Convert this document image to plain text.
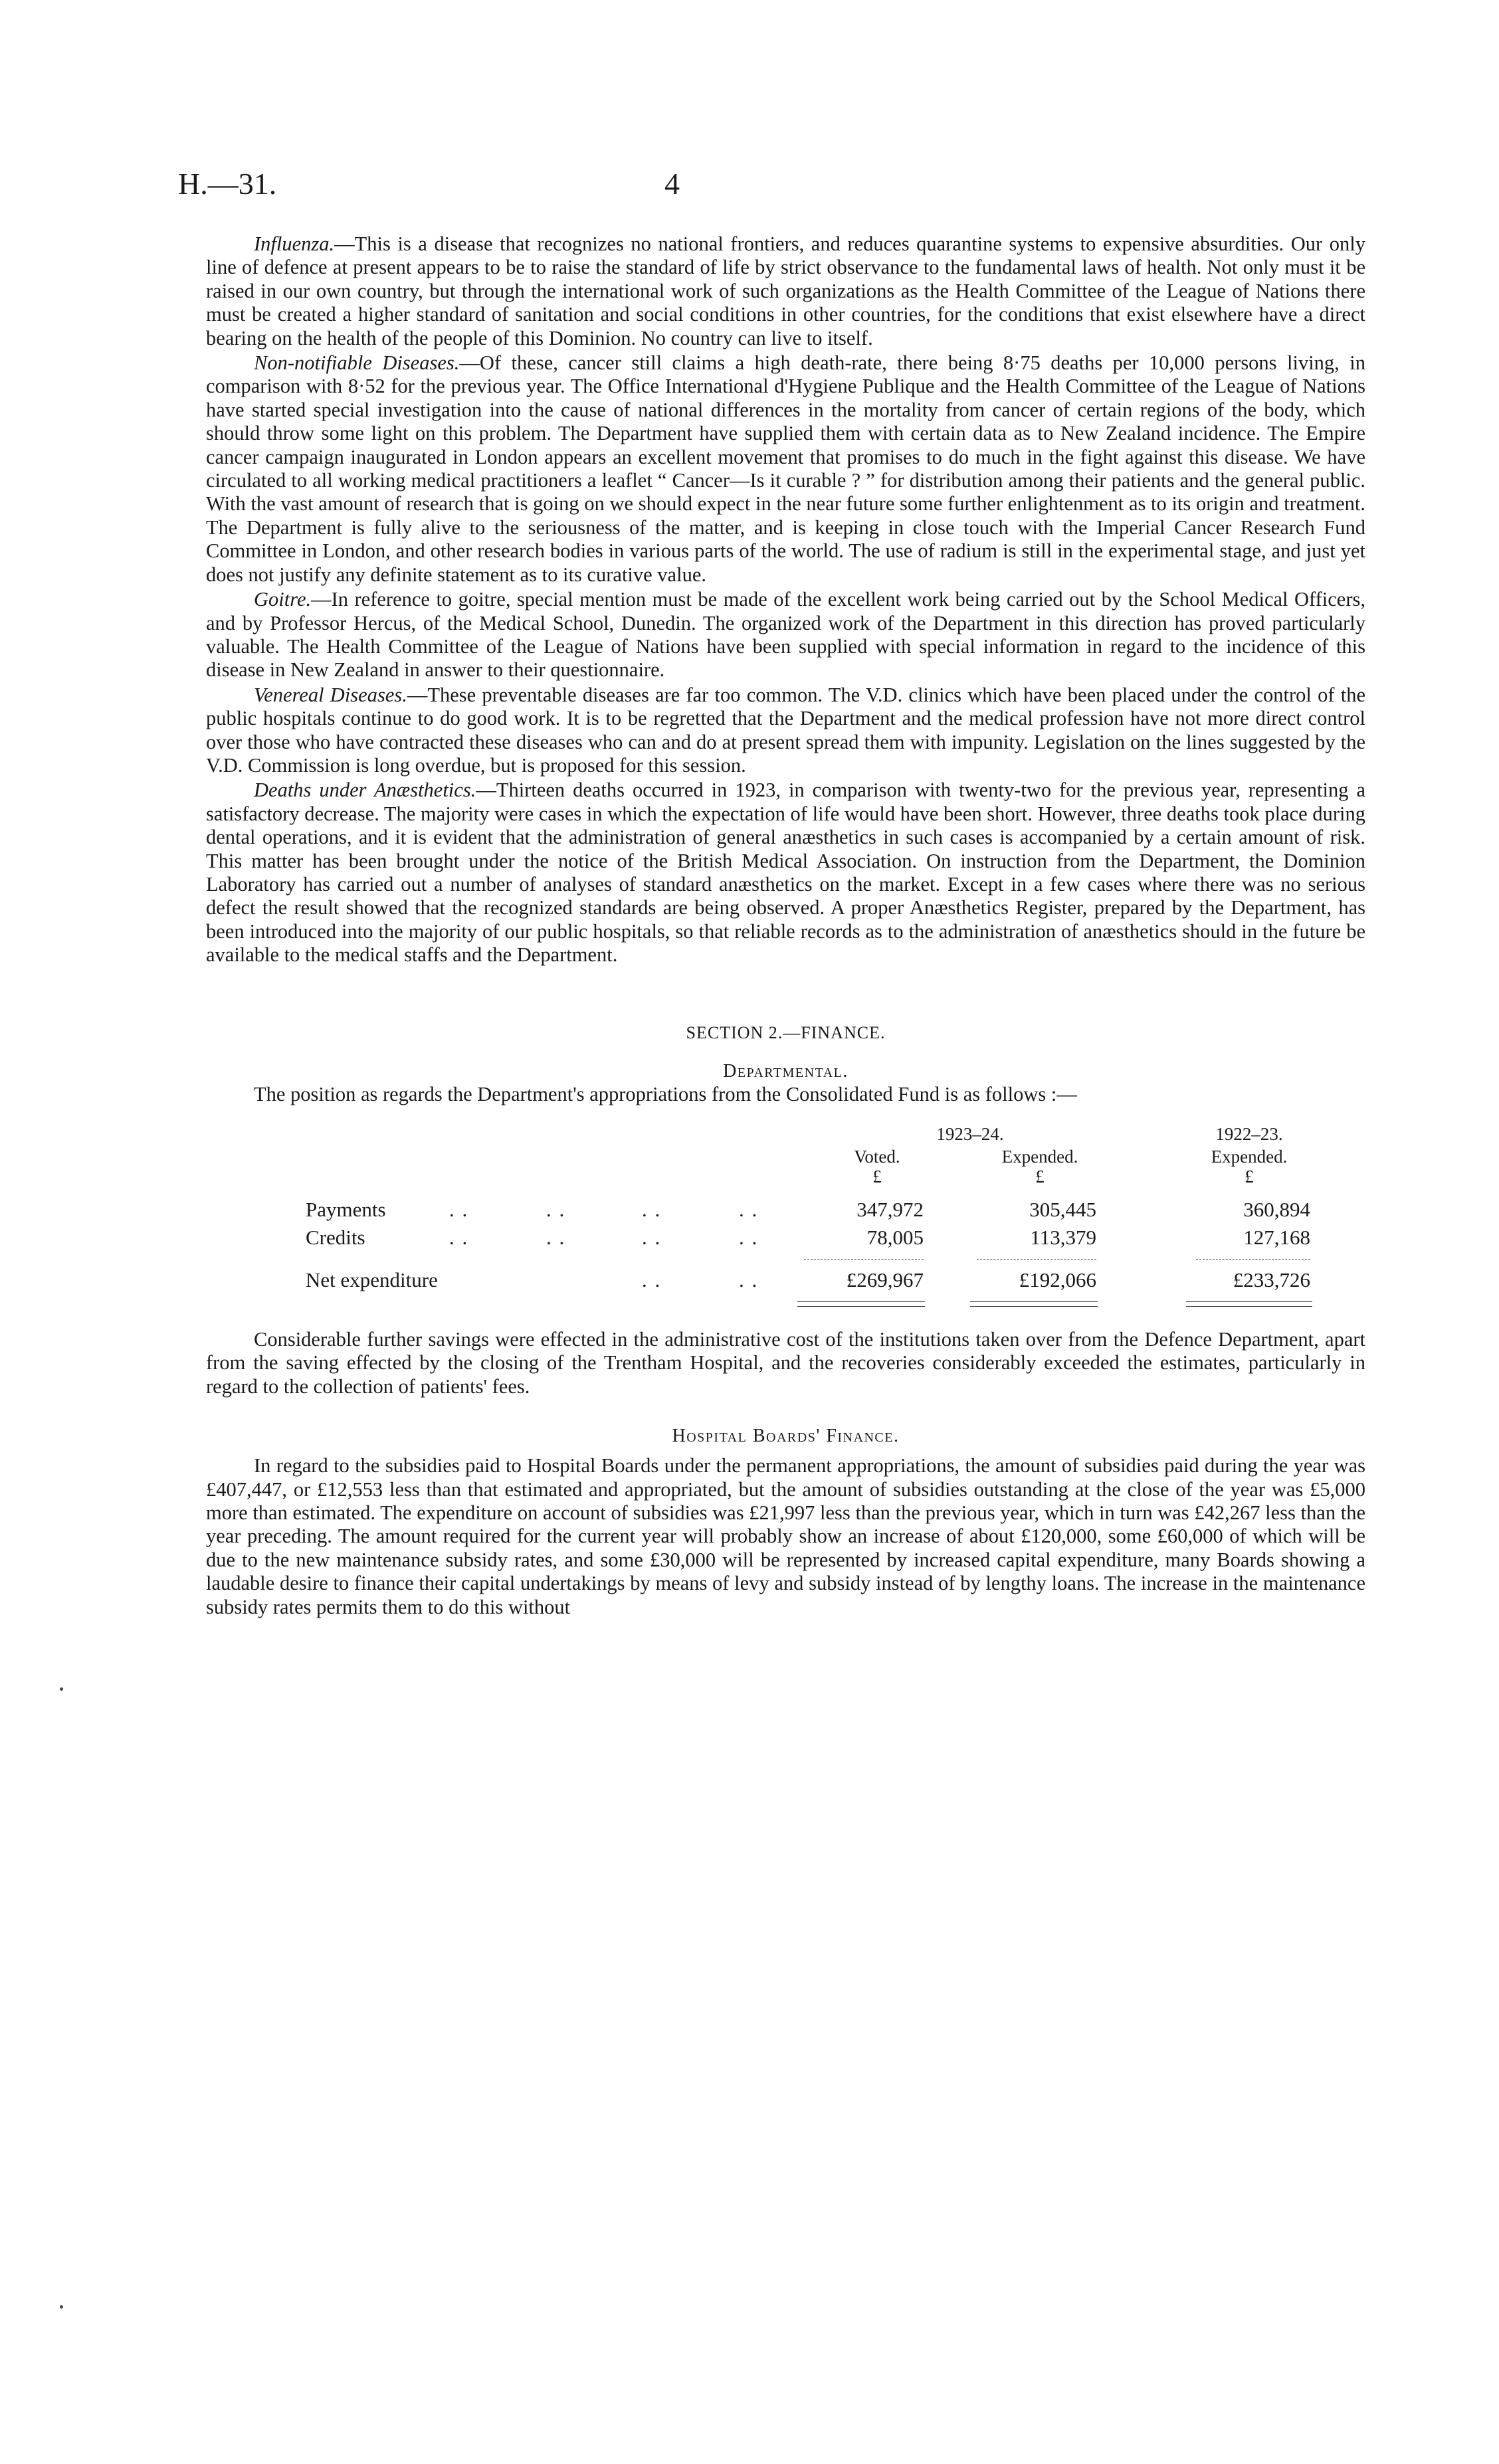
H.—31.	4

Influenza.—This is a disease that recognizes no national frontiers, and reduces quarantine systems to expensive absurdities. Our only line of defence at present appears to be to raise the standard of life by strict observance to the fundamental laws of health. Not only must it be raised in our own country, but through the international work of such organizations as the Health Committee of the League of Nations there must be created a higher standard of sanitation and social conditions in other countries, for the conditions that exist elsewhere have a direct bearing on the health of the people of this Dominion. No country can live to itself.

Non-notifiable Diseases.—Of these, cancer still claims a high death-rate, there being 8·75 deaths per 10,000 persons living, in comparison with 8·52 for the previous year. The Office International d'Hygiene Publique and the Health Committee of the League of Nations have started special investigation into the cause of national differences in the mortality from cancer of certain regions of the body, which should throw some light on this problem. The Department have supplied them with certain data as to New Zealand incidence. The Empire cancer campaign inaugurated in London appears an excellent movement that promises to do much in the fight against this disease. We have circulated to all working medical practitioners a leaflet “ Cancer—Is it curable ? ” for distribution among their patients and the general public. With the vast amount of research that is going on we should expect in the near future some further enlightenment as to its origin and treatment. The Department is fully alive to the seriousness of the matter, and is keeping in close touch with the Imperial Cancer Research Fund Committee in London, and other research bodies in various parts of the world. The use of radium is still in the experimental stage, and just yet does not justify any definite statement as to its curative value.

Goitre.—In reference to goitre, special mention must be made of the excellent work being carried out by the School Medical Officers, and by Professor Hercus, of the Medical School, Dunedin. The organized work of the Department in this direction has proved particularly valuable. The Health Committee of the League of Nations have been supplied with special information in regard to the incidence of this disease in New Zealand in answer to their questionnaire.

Venereal Diseases.—These preventable diseases are far too common. The V.D. clinics which have been placed under the control of the public hospitals continue to do good work. It is to be regretted that the Department and the medical profession have not more direct control over those who have contracted these diseases who can and do at present spread them with impunity. Legislation on the lines suggested by the V.D. Commission is long overdue, but is proposed for this session.

Deaths under Anæsthetics.—Thirteen deaths occurred in 1923, in comparison with twenty-two for the previous year, representing a satisfactory decrease. The majority were cases in which the expectation of life would have been short. However, three deaths took place during dental operations, and it is evident that the administration of general anæsthetics in such cases is accompanied by a certain amount of risk. This matter has been brought under the notice of the British Medical Association. On instruction from the Department, the Dominion Laboratory has carried out a number of analyses of standard anæsthetics on the market. Except in a few cases where there was no serious defect the result showed that the recognized standards are being observed. A proper Anæsthetics Register, prepared by the Department, has been introduced into the majority of our public hospitals, so that reliable records as to the administration of anæsthetics should in the future be available to the medical staffs and the Department.

SECTION 2.—FINANCE.
Departmental.

The position as regards the Department's appropriations from the Consolidated Fund is as follows :—

1923–24.	1922–23.
Voted.	Expended.	Expended.
£	£	£
Payments	. .	. .	. .	. .	347,972	305,445	360,894
Credits	. .	. .	. .	. .	78,005	113,379	127,168
Net expenditure	. .	. .	£269,967	£192,066	£233,726

Considerable further savings were effected in the administrative cost of the institutions taken over from the Defence Department, apart from the saving effected by the closing of the Trentham Hospital, and the recoveries considerably exceeded the estimates, particularly in regard to the collection of patients' fees.

Hospital Boards' Finance.

In regard to the subsidies paid to Hospital Boards under the permanent appropriations, the amount of subsidies paid during the year was £407,447, or £12,553 less than that estimated and appropriated, but the amount of subsidies outstanding at the close of the year was £5,000 more than estimated. The expenditure on account of subsidies was £21,997 less than the previous year, which in turn was £42,267 less than the year preceding. The amount required for the current year will probably show an increase of about £120,000, some £60,000 of which will be due to the new maintenance subsidy rates, and some £30,000 will be represented by increased capital expenditure, many Boards showing a laudable desire to finance their capital undertakings by means of levy and subsidy instead of by lengthy loans. The increase in the maintenance subsidy rates permits them to do this without
